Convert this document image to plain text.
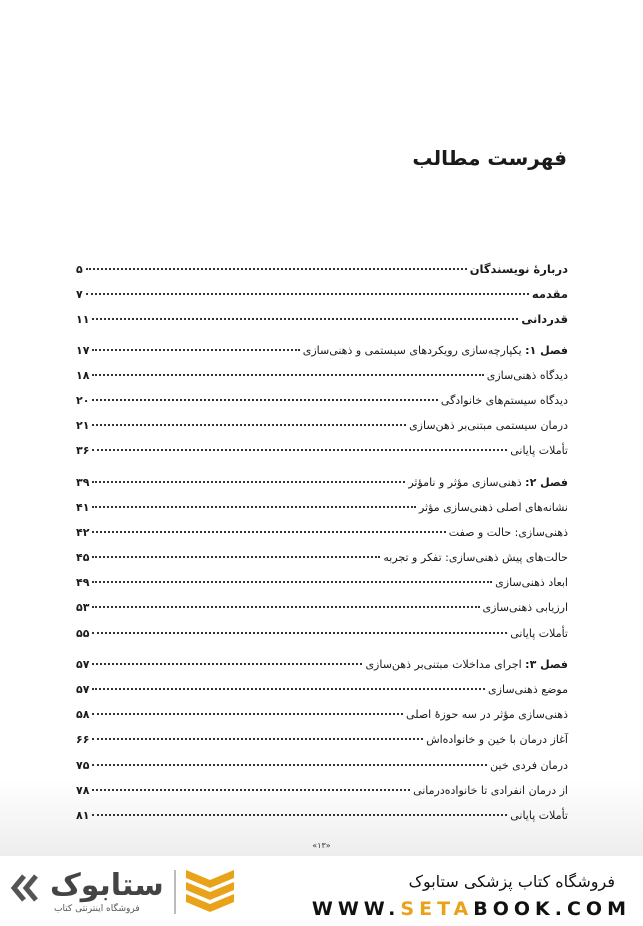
فهرست مطالب
دربارهٔ نویسندگان
۵
مقدمه
۷
قدردانی
۱۱
فصل ۱: یکپارچه‌سازی رویکردهای سیستمی و ذهنی‌سازی
۱۷
دیدگاه ذهنی‌سازی
۱۸
دیدگاه سیستم‌های خانوادگی
۲۰
درمان سیستمی مبتنی‌بر ذهن‌سازی
۲۱
تأملات پایانی
۳۶
فصل ۲: ذهنی‌سازی مؤثر و نامؤثر
۳۹
نشانه‌های اصلی ذهنی‌سازی مؤثر
۴۱
ذهنی‌سازی: حالت و صفت
۴۲
حالت‌های پیش ذهنی‌سازی: تفکر و تجربه
۴۵
ابعاد ذهنی‌سازی
۴۹
ارزیابی ذهنی‌سازی
۵۳
تأملات پایانی
۵۵
فصل ۳: اجرای مداخلات مبتنی‌بر ذهن‌سازی
۵۷
موضع ذهنی‌سازی
۵۷
ذهنی‌سازی مؤثر در سه حوزهٔ اصلی
۵۸
آغاز درمان با خین و خانواده‌اش
۶۶
درمان فردی خین
۷۵
از درمان انفرادی تا خانواده‌درمانی
۷۸
تأملات پایانی
۸۱
«۱۳»
ستابوک
فروشگاه اینترنتی کتاب
فروشگاه کتاب پزشکی ستابوک
WWW.SETABOOK.COM
